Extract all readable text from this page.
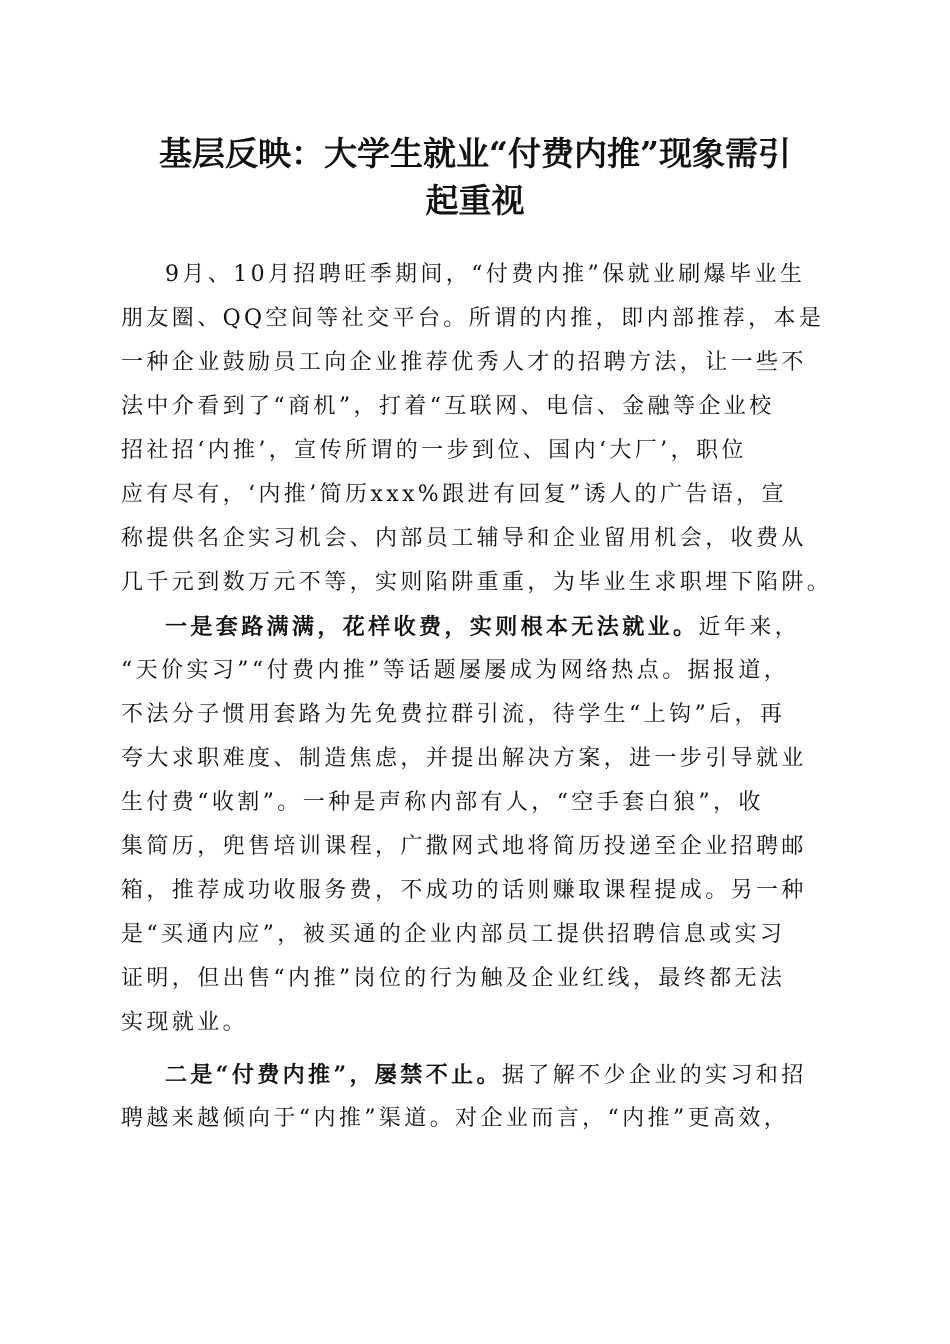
基层反映：大学生就业“付费内推”现象需引
起重视
9月、10月招聘旺季期间，“付费内推”保就业刷爆毕业生
朋友圈、QQ空间等社交平台。所谓的内推，即内部推荐，本是
一种企业鼓励员工向企业推荐优秀人才的招聘方法，让一些不
法中介看到了“商机”，打着“互联网、电信、金融等企业校
招社招‘内推’，宣传所谓的一步到位、国内‘大厂’，职位
应有尽有，‘内推’简历xxx%跟进有回复”诱人的广告语，宣
称提供名企实习机会、内部员工辅导和企业留用机会，收费从
几千元到数万元不等，实则陷阱重重，为毕业生求职埋下陷阱。
一是套路满满，花样收费，实则根本无法就业。近年来，
“天价实习”“付费内推”等话题屡屡成为网络热点。据报道，
不法分子惯用套路为先免费拉群引流，待学生“上钩”后，再
夸大求职难度、制造焦虑，并提出解决方案，进一步引导就业
生付费“收割”。一种是声称内部有人，“空手套白狼”，收
集简历，兜售培训课程，广撒网式地将简历投递至企业招聘邮
箱，推荐成功收服务费，不成功的话则赚取课程提成。另一种
是“买通内应”，被买通的企业内部员工提供招聘信息或实习
证明，但出售“内推”岗位的行为触及企业红线，最终都无法
实现就业。
二是“付费内推”，屡禁不止。据了解不少企业的实习和招
聘越来越倾向于“内推”渠道。对企业而言，“内推”更高效，
